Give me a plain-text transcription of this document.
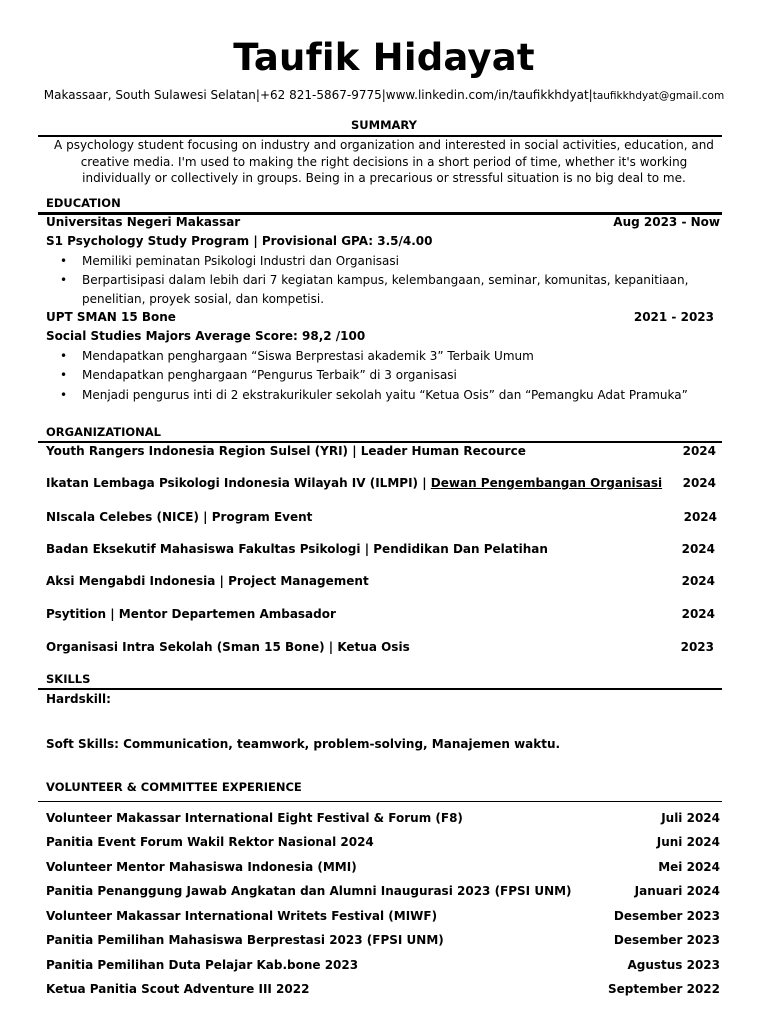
Taufik Hidayat
Makassaar, South Sulawesi Selatan|+62 821-5867-9775|www.linkedin.com/in/taufikkhdyat|taufikkhdyat@gmail.com
SUMMARY
A psychology student focusing on industry and organization and interested in social activities, education, and creative media. I'm used to making the right decisions in a short period of time, whether it's working individually or collectively in groups. Being in a precarious or stressful situation is no big deal to me.
EDUCATION
Universitas Negeri Makassar	Aug 2023 - Now
S1 Psychology Study Program | Provisional GPA: 3.5/4.00
• Memiliki peminatan Psikologi Industri dan Organisasi
• Berpartisipasi dalam lebih dari 7 kegiatan kampus, kelembangaan, seminar, komunitas, kepanitiaan, penelitian, proyek sosial, dan kompetisi.
UPT SMAN 15 Bone	2021 - 2023
Social Studies Majors Average Score: 98,2 /100
• Mendapatkan penghargaan “Siswa Berprestasi akademik 3” Terbaik Umum
• Mendapatkan penghargaan “Pengurus Terbaik” di 3 organisasi
• Menjadi pengurus inti di 2 ekstrakurikuler sekolah yaitu “Ketua Osis” dan “Pemangku Adat Pramuka”
ORGANIZATIONAL
Youth Rangers Indonesia Region Sulsel (YRI) | Leader Human Recource	2024
Ikatan Lembaga Psikologi Indonesia Wilayah IV (ILMPI) | Dewan Pengembangan Organisasi 2024
NIscala Celebes (NICE) | Program Event	2024
Badan Eksekutif Mahasiswa Fakultas Psikologi | Pendidikan Dan Pelatihan	2024
Aksi Mengabdi Indonesia | Project Management	2024
Psytition | Mentor Departemen Ambasador	2024
Organisasi Intra Sekolah (Sman 15 Bone) | Ketua Osis	2023
SKILLS
Hardskill:
Soft Skills: Communication, teamwork, problem-solving, Manajemen waktu.
VOLUNTEER & COMMITTEE EXPERIENCE
Volunteer Makassar International Eight Festival & Forum (F8)	Juli 2024
Panitia Event Forum Wakil Rektor Nasional 2024	Juni 2024
Volunteer Mentor Mahasiswa Indonesia (MMI)	Mei 2024
Panitia Penanggung Jawab Angkatan dan Alumni Inaugurasi 2023 (FPSI UNM)	Januari 2024
Volunteer Makassar International Writets Festival (MIWF)	Desember 2023
Panitia Pemilihan Mahasiswa Berprestasi 2023 (FPSI UNM)	Desember 2023
Panitia Pemilihan Duta Pelajar Kab.bone 2023	Agustus 2023
Ketua Panitia Scout Adventure III 2022	September 2022
